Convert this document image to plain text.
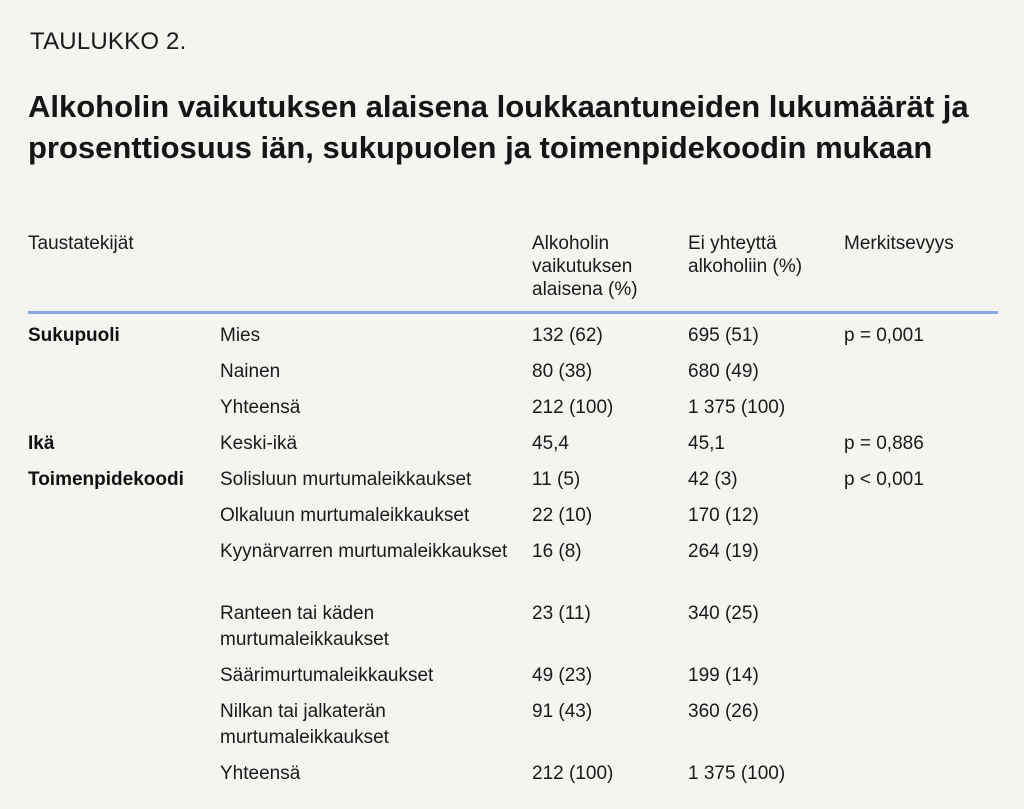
TAULUKKO 2.
Alkoholin vaikutuksen alaisena loukkaantuneiden lukumäärät ja prosenttiosuus iän, sukupuolen ja toimenpidekoodin mukaan
Taustatekijät		Alkoholin vaikutuksen alaisena (%)	Ei yhteyttä alkoholiin (%)	Merkitsevyys
Sukupuoli	Mies	132 (62)	695 (51)	p = 0,001
	Nainen	80 (38)	680 (49)	
	Yhteensä	212 (100)	1 375 (100)	
Ikä	Keski-ikä	45,4	45,1	p = 0,886
Toimenpidekoodi	Solisluun murtumaleikkaukset	11 (5)	42 (3)	p < 0,001
	Olkaluun murtumaleikkaukset	22 (10)	170 (12)	
	Kyynärvarren murtumaleikkaukset	16 (8)	264 (19)	
	Ranteen tai käden murtumaleikkaukset	23 (11)	340 (25)	
	Säärimurtumaleikkaukset	49 (23)	199 (14)	
	Nilkan tai jalkaterän murtumaleikkaukset	91 (43)	360 (26)	
	Yhteensä	212 (100)	1 375 (100)	
